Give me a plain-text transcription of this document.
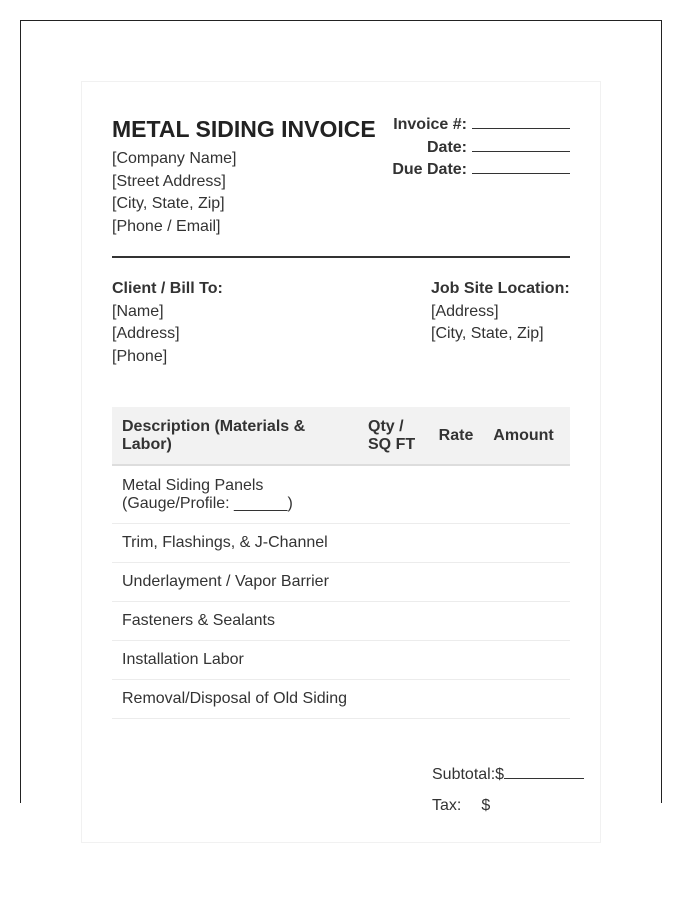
METAL SIDING INVOICE
[Company Name]
[Street Address]
[City, State, Zip]
[Phone / Email]
Invoice #:
Date:
Due Date:
Client / Bill To:
[Name]
[Address]
[Phone]
Job Site Location:
[Address]
[City, State, Zip]
Description (Materials & Labor)	Qty / SQ FT	Rate	Amount
Metal Siding Panels (Gauge/Profile: ______)			
Trim, Flashings, & J-Channel			
Underlayment / Vapor Barrier			
Fasteners & Sealants			
Installation Labor			
Removal/Disposal of Old Siding			
Subtotal:$
Tax: $
